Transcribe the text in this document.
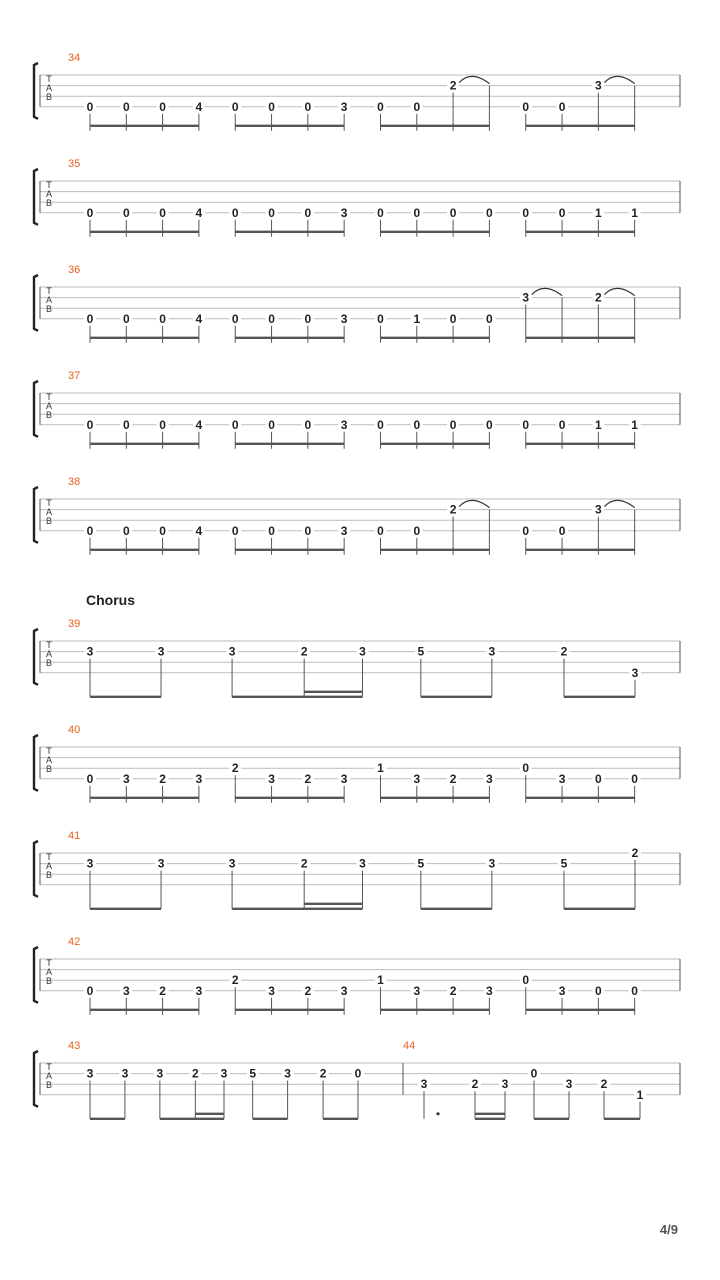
T
A
B
34
0 0 0 4 0 0 0 3 0 0
2
0 0
3
T
A
B
35
0 0 0 4 0 0 0 3 0 0 0 0 0 0 1 1
T
A
B
36
0 0 0 4 0 0 0 3 0 1 0 0
3	2
T
A
B
37
0 0 0 4 0 0 0 3 0 0 0 0 0 0 1 1
T
A
B
38
0 0 0 4 0 0 0 3 0 0
2
0 0
3
Chorus
T
A
B
39
3	3	3	2	3	5	3	2
3
T
A
B
40
0 3 2 3
2
3 2 3
1
3 2 3
0
3 0 0
T
A
B
41
3	3	3	2	3	5	3	5
2
T
A
B
42
0 3 2 3
2
3 2 3
1
3 2 3
0
3 0 0
T
A
B
43
3 3 3 2 3 5 3 2 0
44
3	2 3
0
3 2
1
4/9
